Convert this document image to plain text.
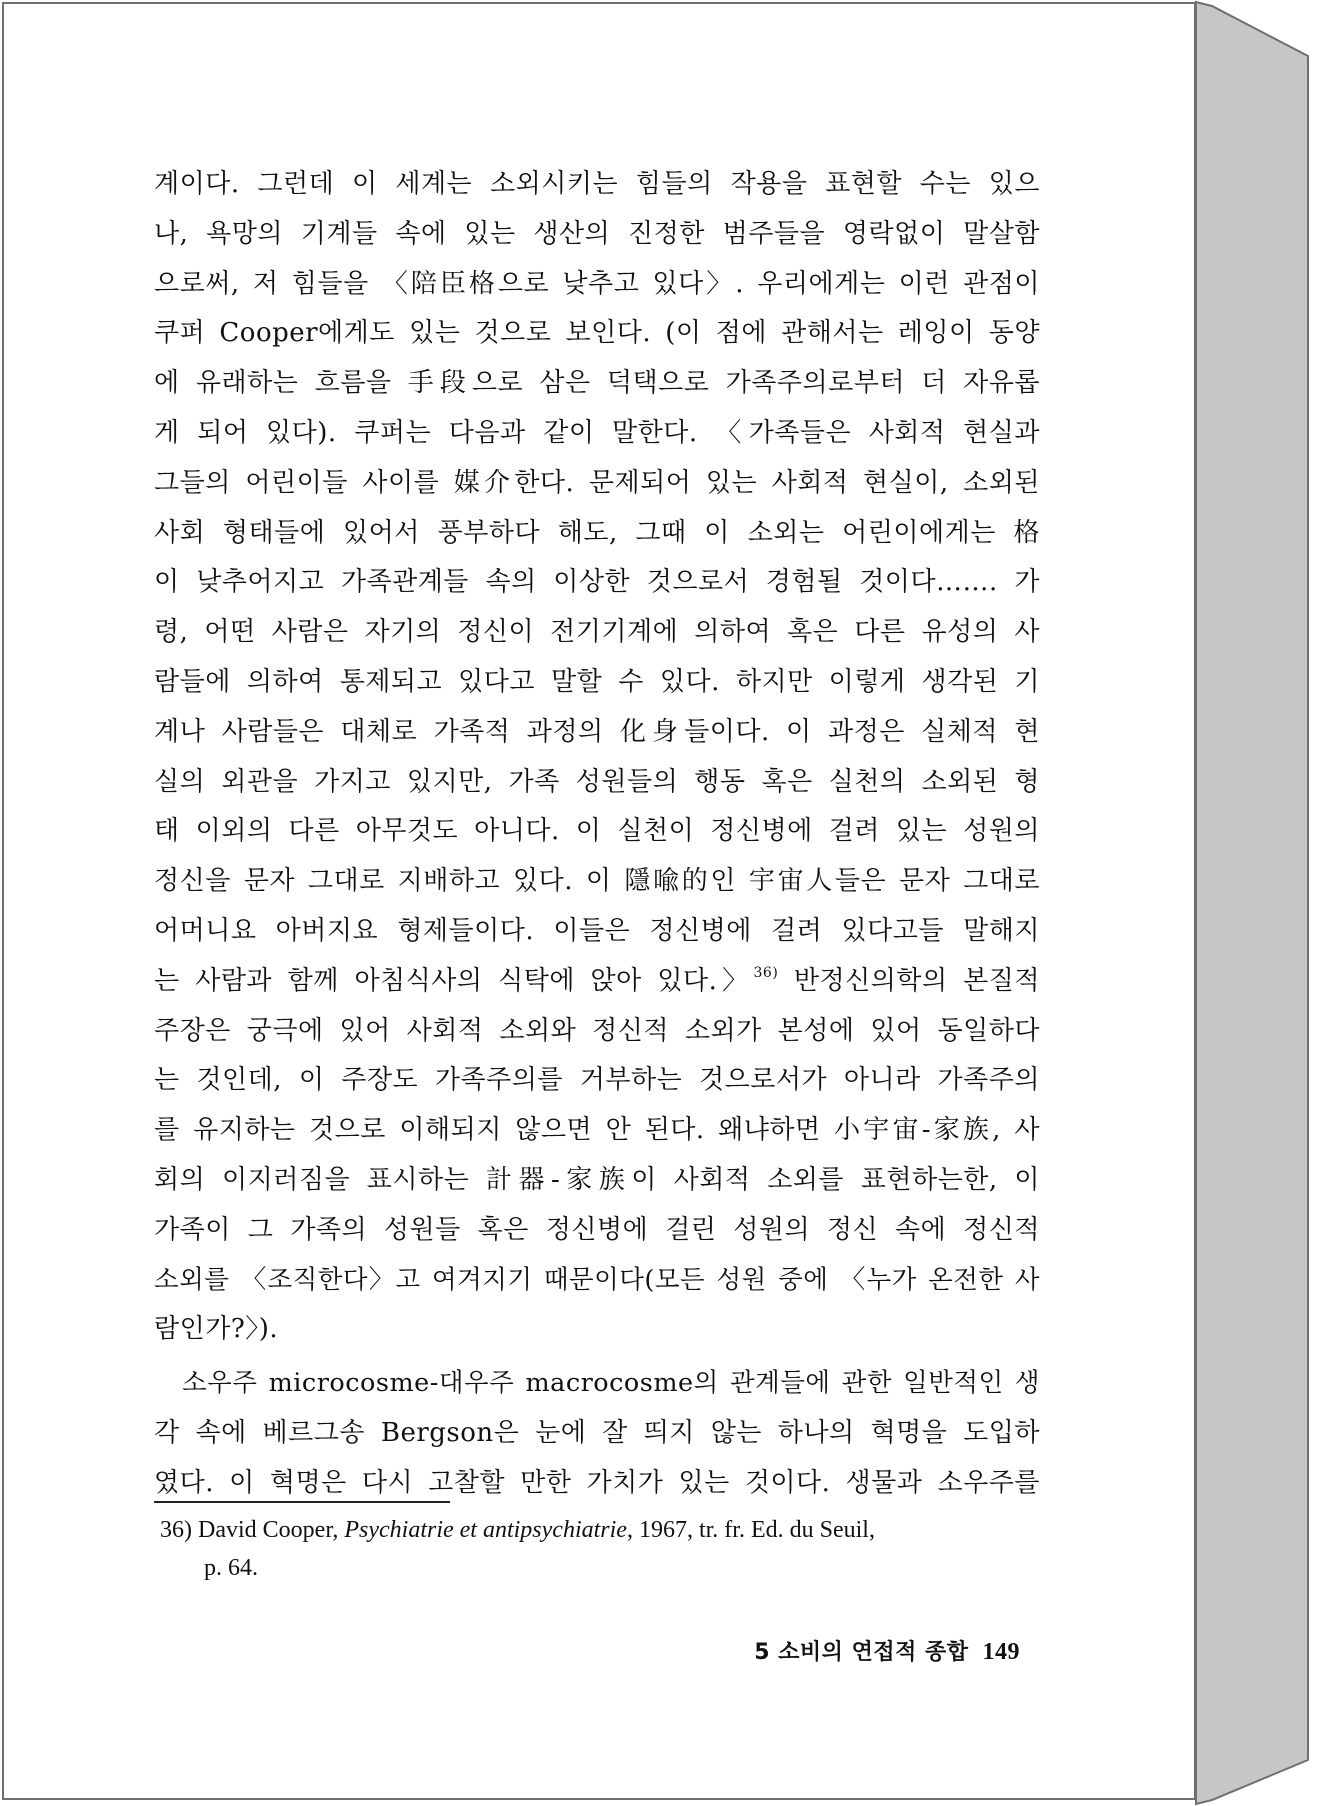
계이다. 그런데 이 세계는 소외시키는 힘들의 작용을 표현할 수는 있으
나, 욕망의 기계들 속에 있는 생산의 진정한 범주들을 영락없이 말살함
으로써, 저 힘들을 〈陪臣格으로 낮추고 있다〉. 우리에게는 이런 관점이
쿠퍼 Cooper에게도 있는 것으로 보인다. (이 점에 관해서는 레잉이 동양
에 유래하는 흐름을 手段으로 삼은 덕택으로 가족주의로부터 더 자유롭
게 되어 있다). 쿠퍼는 다음과 같이 말한다. 〈가족들은 사회적 현실과
그들의 어린이들 사이를 媒介한다. 문제되어 있는 사회적 현실이, 소외된
사회 형태들에 있어서 풍부하다 해도, 그때 이 소외는 어린이에게는 格
이 낮추어지고 가족관계들 속의 이상한 것으로서 경험될 것이다……. 가
령, 어떤 사람은 자기의 정신이 전기기계에 의하여 혹은 다른 유성의 사
람들에 의하여 통제되고 있다고 말할 수 있다. 하지만 이렇게 생각된 기
계나 사람들은 대체로 가족적 과정의 化身들이다. 이 과정은 실체적 현
실의 외관을 가지고 있지만, 가족 성원들의 행동 혹은 실천의 소외된 형
태 이외의 다른 아무것도 아니다. 이 실천이 정신병에 걸려 있는 성원의
정신을 문자 그대로 지배하고 있다. 이 隱喩的인 宇宙人들은 문자 그대로
어머니요 아버지요 형제들이다. 이들은 정신병에 걸려 있다고들 말해지
는 사람과 함께 아침식사의 식탁에 앉아 있다.〉$^{36)}$ 반정신의학의 본질적
주장은 궁극에 있어 사회적 소외와 정신적 소외가 본성에 있어 동일하다
는 것인데, 이 주장도 가족주의를 거부하는 것으로서가 아니라 가족주의
를 유지하는 것으로 이해되지 않으면 안 된다. 왜냐하면 小宇宙-家族, 사
회의 이지러짐을 표시하는 計器-家族이 사회적 소외를 표현하는한, 이
가족이 그 가족의 성원들 혹은 정신병에 걸린 성원의 정신 속에 정신적
소외를 〈조직한다〉고 여겨지기 때문이다(모든 성원 중에 〈누가 온전한 사
람인가?〉).

소우주 microcosme-대우주 macrocosme의 관계들에 관한 일반적인 생
각 속에 베르그송 Bergson은 눈에 잘 띄지 않는 하나의 혁명을 도입하
였다. 이 혁명은 다시 고찰할 만한 가치가 있는 것이다. 생물과 소우주를

36) David Cooper, Psychiatrie et antipsychiatrie, 1967, tr. fr. Ed. du Seuil,
p. 64.
5 소비의 연접적 종합 149
